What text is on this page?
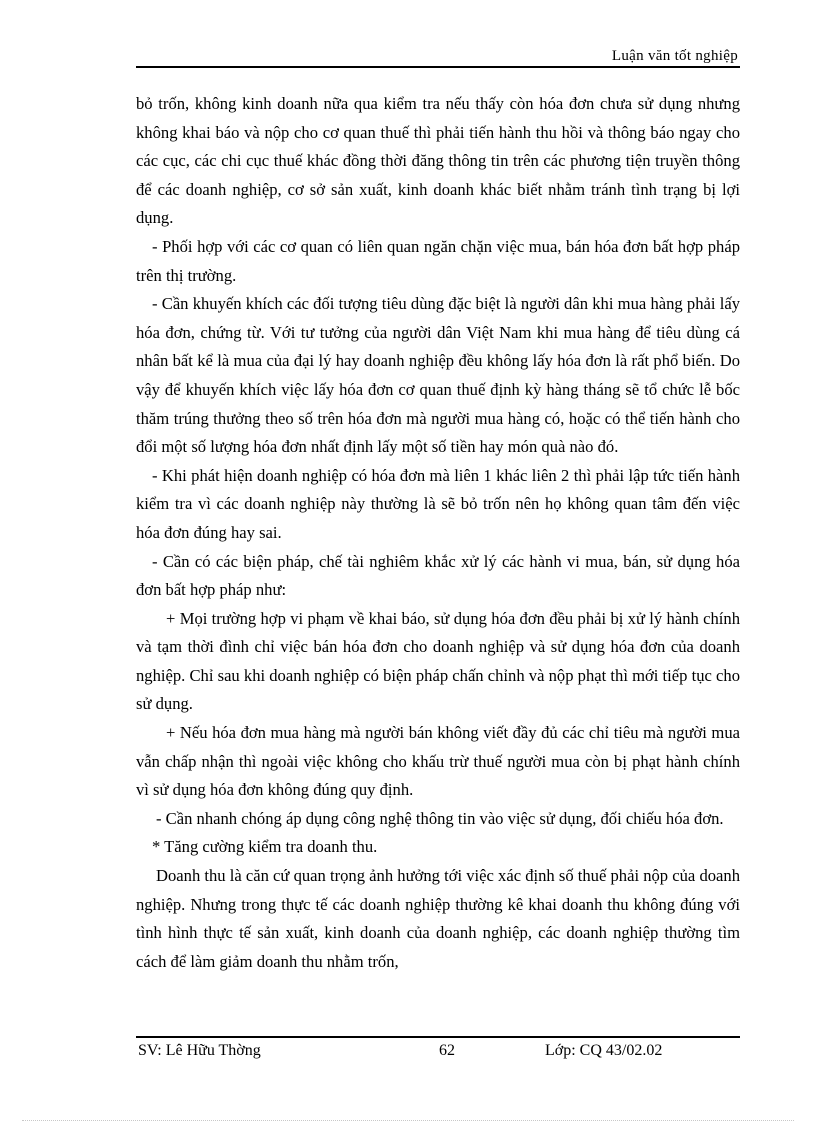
Luận văn tốt nghiệp

bỏ trốn, không kinh doanh nữa qua kiểm tra nếu thấy còn hóa đơn chưa sử dụng nhưng không khai báo và nộp cho cơ quan thuế thì phải tiến hành thu hồi và thông báo ngay cho các cục, các chi cục thuế khác đồng thời đăng thông tin trên các phương tiện truyền thông để các doanh nghiệp, cơ sở sản xuất, kinh doanh khác biết nhằm tránh tình trạng bị lợi dụng.

- Phối hợp với các cơ quan có liên quan ngăn chặn việc mua, bán hóa đơn bất hợp pháp trên thị trường.

- Cần khuyến khích các đối tượng tiêu dùng đặc biệt là người dân khi mua hàng phải lấy hóa đơn, chứng từ. Với tư tưởng của người dân Việt Nam khi mua hàng để tiêu dùng cá nhân bất kể là mua của đại lý hay doanh nghiệp đều không lấy hóa đơn là rất phổ biến. Do vậy để khuyến khích việc lấy hóa đơn cơ quan thuế định kỳ hàng tháng sẽ tổ chức lễ bốc thăm trúng thưởng theo số trên hóa đơn mà người mua hàng có, hoặc có thể tiến hành cho đổi một số lượng hóa đơn nhất định lấy một số tiền hay món quà nào đó.

- Khi phát hiện doanh nghiệp có hóa đơn mà liên 1 khác liên 2 thì phải lập tức tiến hành kiểm tra vì các doanh nghiệp này thường là sẽ bỏ trốn nên họ không quan tâm đến việc hóa đơn đúng hay sai.

- Cần có các biện pháp, chế tài nghiêm khắc xử lý các hành vi mua, bán, sử dụng hóa đơn bất hợp pháp như:

+ Mọi trường hợp vi phạm về khai báo, sử dụng hóa đơn đều phải bị xử lý hành chính và tạm thời đình chỉ việc bán hóa đơn cho doanh nghiệp và sử dụng hóa đơn của doanh nghiệp. Chỉ sau khi doanh nghiệp có biện pháp chấn chỉnh và nộp phạt thì mới tiếp tục cho sử dụng.

+ Nếu hóa đơn mua hàng mà người bán không viết đầy đủ các chỉ tiêu mà người mua vẫn chấp nhận thì ngoài việc không cho khấu trừ thuế người mua còn bị phạt hành chính vì sử dụng hóa đơn không đúng quy định.

- Cần nhanh chóng áp dụng công nghệ thông tin vào việc sử dụng, đối chiếu hóa đơn.

* Tăng cường kiểm tra doanh thu.

Doanh thu là căn cứ quan trọng ảnh hưởng tới việc xác định số thuế phải nộp của doanh nghiệp. Nhưng trong thực tế các doanh nghiệp thường kê khai doanh thu không đúng với tình hình thực tế sản xuất, kinh doanh của doanh nghiệp, các doanh nghiệp thường tìm cách để làm giảm doanh thu nhằm trốn,

SV: Lê Hữu Thờng	62	Lớp: CQ 43/02.02
